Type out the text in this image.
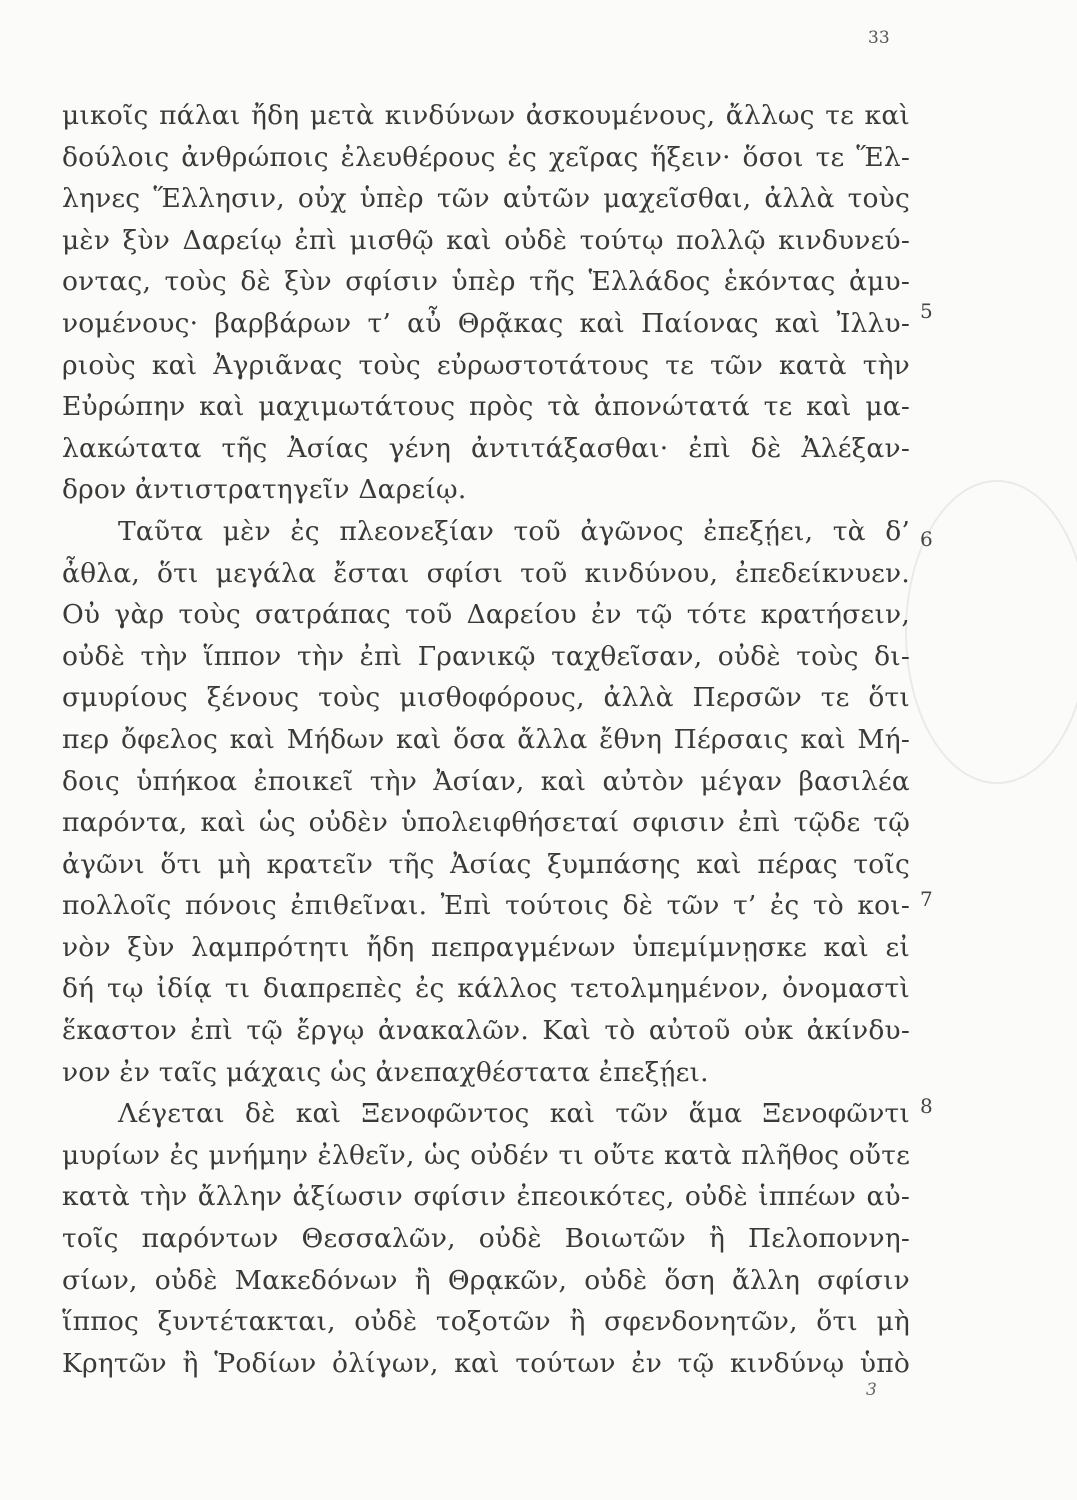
33
μικοῖς πάλαι ἤδη μετὰ κινδύνων ἀσκουμένους, ἄλλως τε καὶ
δούλοις ἀνθρώποις ἐλευθέρους ἐς χεῖρας ἥξειν· ὅσοι τε Ἕλ-
ληνες Ἕλλησιν, οὐχ ὑπὲρ τῶν αὐτῶν μαχεῖσθαι, ἀλλὰ τοὺς
μὲν ξὺν Δαρείῳ ἐπὶ μισθῷ καὶ οὐδὲ τούτῳ πολλῷ κινδυνεύ-
οντας, τοὺς δὲ ξὺν σφίσιν ὑπὲρ τῆς Ἑλλάδος ἑκόντας ἀμυ-
νομένους· βαρβάρων τ’ αὖ Θρᾷκας καὶ Παίονας καὶ Ἰλλυ-
ριοὺς καὶ Ἀγριᾶνας τοὺς εὐρωστοτάτους τε τῶν κατὰ τὴν
Εὐρώπην καὶ μαχιμωτάτους πρὸς τὰ ἀπονώτατά τε καὶ μα-
λακώτατα τῆς Ἀσίας γένη ἀντιτάξασθαι· ἐπὶ δὲ Ἀλέξαν-
δρον ἀντιστρατηγεῖν Δαρείῳ.
Ταῦτα μὲν ἐς πλεονεξίαν τοῦ ἀγῶνος ἐπεξῄει, τὰ δ’
ἆθλα, ὅτι μεγάλα ἔσται σφίσι τοῦ κινδύνου, ἐπεδείκνυεν.
Οὐ γὰρ τοὺς σατράπας τοῦ Δαρείου ἐν τῷ τότε κρατήσειν,
οὐδὲ τὴν ἵππον τὴν ἐπὶ Γρανικῷ ταχθεῖσαν, οὐδὲ τοὺς δι-
σμυρίους ξένους τοὺς μισθοφόρους, ἀλλὰ Περσῶν τε ὅτι
περ ὄφελος καὶ Μήδων καὶ ὅσα ἄλλα ἔθνη Πέρσαις καὶ Μή-
δοις ὑπήκοα ἐποικεῖ τὴν Ἀσίαν, καὶ αὐτὸν μέγαν βασιλέα
παρόντα, καὶ ὡς οὐδὲν ὑπολειφθήσεταί σφισιν ἐπὶ τῷδε τῷ
ἀγῶνι ὅτι μὴ κρατεῖν τῆς Ἀσίας ξυμπάσης καὶ πέρας τοῖς
πολλοῖς πόνοις ἐπιθεῖναι. Ἐπὶ τούτοις δὲ τῶν τ’ ἐς τὸ κοι-
νὸν ξὺν λαμπρότητι ἤδη πεπραγμένων ὑπεμίμνῃσκε καὶ εἰ
δή τῳ ἰδίᾳ τι διαπρεπὲς ἐς κάλλος τετολμημένον, ὀνομαστὶ
ἕκαστον ἐπὶ τῷ ἔργῳ ἀνακαλῶν. Καὶ τὸ αὐτοῦ οὐκ ἀκίνδυ-
νον ἐν ταῖς μάχαις ὡς ἀνεπαχθέστατα ἐπεξῄει.
Λέγεται δὲ καὶ Ξενοφῶντος καὶ τῶν ἅμα Ξενοφῶντι
μυρίων ἐς μνήμην ἐλθεῖν, ὡς οὐδέν τι οὔτε κατὰ πλῆθος οὔτε
κατὰ τὴν ἄλλην ἀξίωσιν σφίσιν ἐπεοικότες, οὐδὲ ἱππέων αὐ-
τοῖς παρόντων Θεσσαλῶν, οὐδὲ Βοιωτῶν ἢ Πελοποννη-
σίων, οὐδὲ Μακεδόνων ἢ Θρᾳκῶν, οὐδὲ ὅση ἄλλη σφίσιν
ἵππος ξυντέτακται, οὐδὲ τοξοτῶν ἢ σφενδονητῶν, ὅτι μὴ
Κρητῶν ἢ Ῥοδίων ὀλίγων, καὶ τούτων ἐν τῷ κινδύνῳ ὑπὸ
5
6
7
8
3
